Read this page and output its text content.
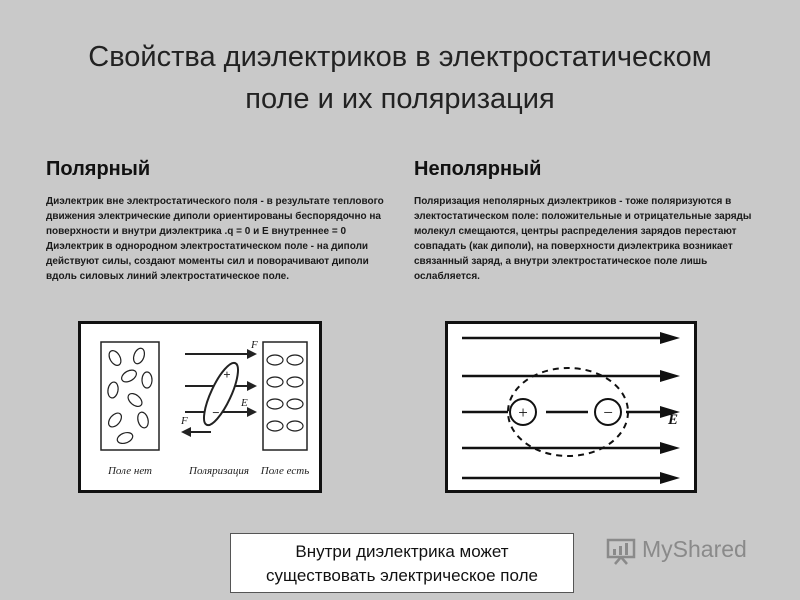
Свойства диэлектриков в электростатическом
поле и их поляризация
Полярный
Диэлектрик вне электростатического поля - в результате теплового движения электрические диполи ориентированы беспорядочно на поверхности и внутри диэлектрика .q = 0 и E внутреннее = 0 Диэлектрик в однородном электростатическом поле - на диполи действуют силы, создают моменты сил и поворачивают диполи вдоль силовых линий электростатическое поле.
Неполярный
Поляризация неполярных диэлектриков - тоже поляризуются в электостатическом поле: положительные и отрицательные заряды молекул смещаются, центры распределения зарядов перестают совпадать (как диполи), на поверхности диэлектрика возникает связанный заряд, а внутри электростатическое поле лишь ослабляется.
Поле нет
+
−
F
E
F
Поляризация Поле есть
+	−	E
Внутри диэлектрика может
существовать электрическое поле
MyShared
